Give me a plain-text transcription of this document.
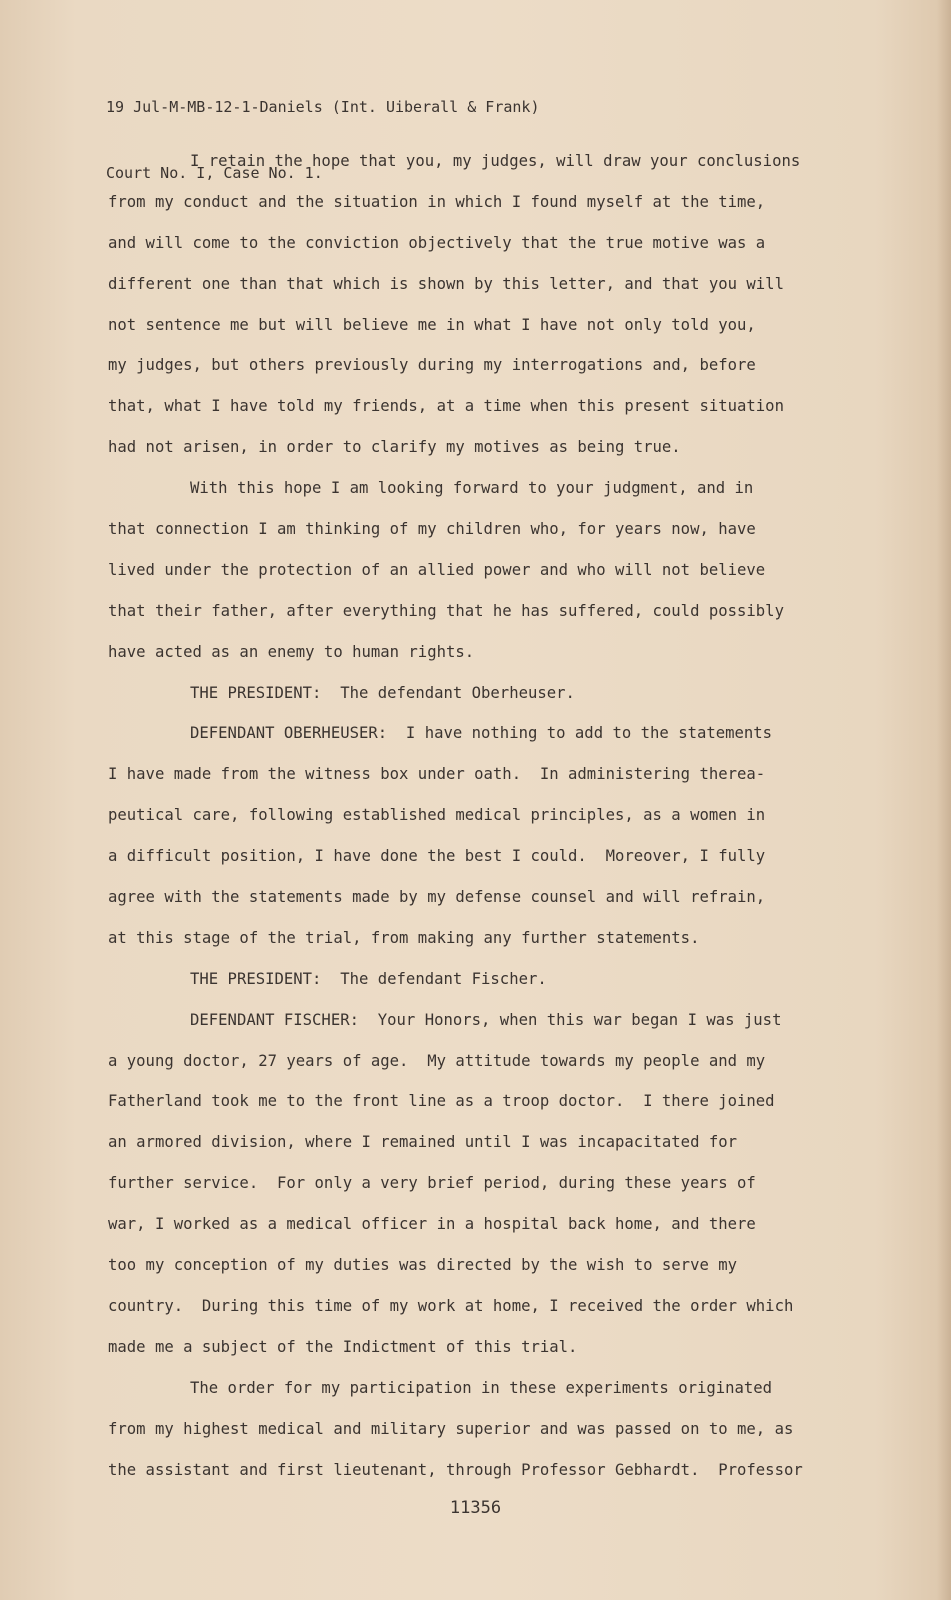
19 Jul-M-MB-12-1-Daniels (Int. Uiberall & Frank)

Court No. I, Case No. 1.

I retain the hope that you, my judges, will draw your conclusions
from my conduct and the situation in which I found myself at the time,
and will come to the conviction objectively that the true motive was a
different one than that which is shown by this letter, and that you will
not sentence me but will believe me in what I have not only told you,
my judges, but others previously during my interrogations and, before
that, what I have told my friends, at a time when this present situation
had not arisen, in order to clarify my motives as being true.
With this hope I am looking forward to your judgment, and in
that connection I am thinking of my children who, for years now, have
lived under the protection of an allied power and who will not believe
that their father, after everything that he has suffered, could possibly
have acted as an enemy to human rights.
THE PRESIDENT:  The defendant Oberheuser.
DEFENDANT OBERHEUSER:  I have nothing to add to the statements
I have made from the witness box under oath.  In administering therea-
peutical care, following established medical principles, as a women in
a difficult position, I have done the best I could.  Moreover, I fully
agree with the statements made by my defense counsel and will refrain,
at this stage of the trial, from making any further statements.
THE PRESIDENT:  The defendant Fischer.
DEFENDANT FISCHER:  Your Honors, when this war began I was just
a young doctor, 27 years of age.  My attitude towards my people and my
Fatherland took me to the front line as a troop doctor.  I there joined
an armored division, where I remained until I was incapacitated for
further service.  For only a very brief period, during these years of
war, I worked as a medical officer in a hospital back home, and there
too my conception of my duties was directed by the wish to serve my
country.  During this time of my work at home, I received the order which
made me a subject of the Indictment of this trial.
The order for my participation in these experiments originated
from my highest medical and military superior and was passed on to me, as
the assistant and first lieutenant, through Professor Gebhardt.  Professor
11356
